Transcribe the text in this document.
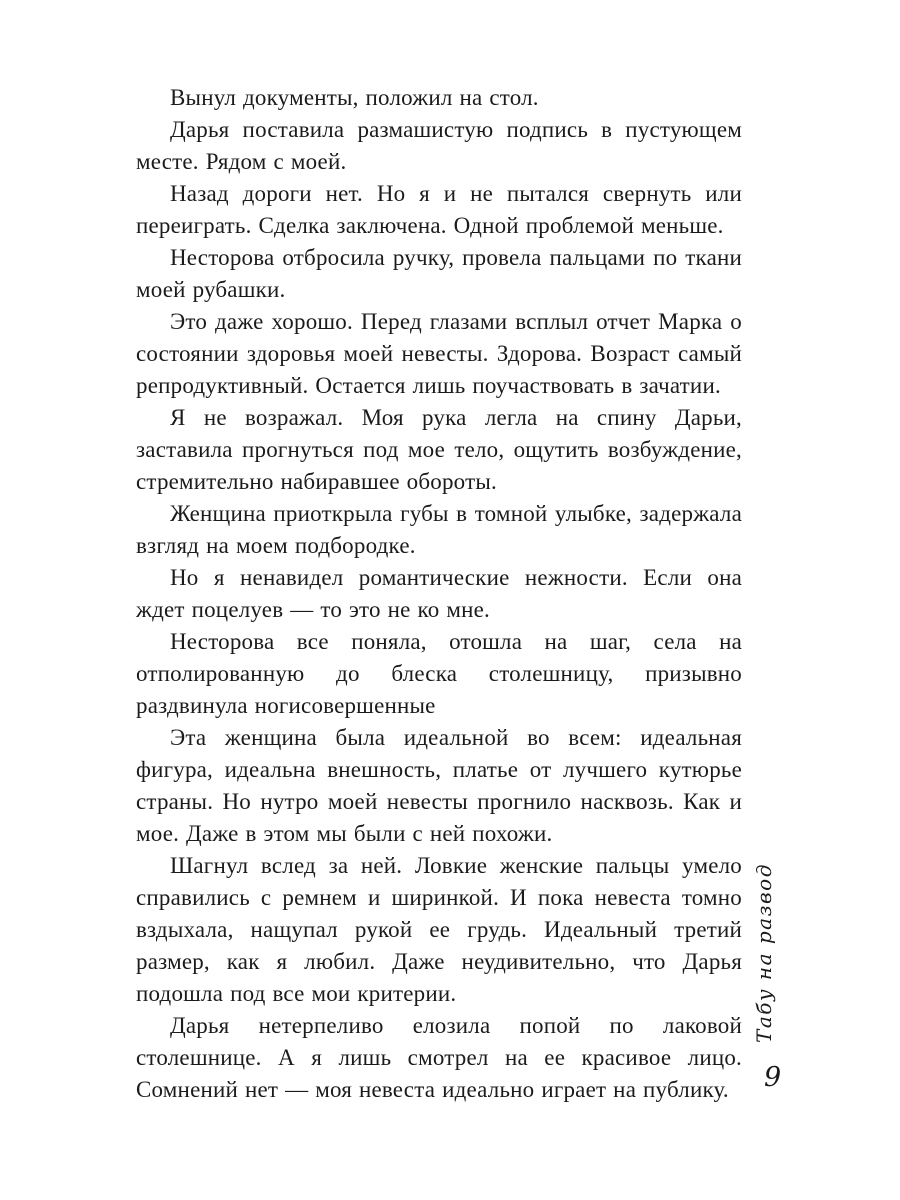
Вынул документы, положил на стол.

Дарья поставила размашистую подпись в пустующем месте. Рядом с моей.

Назад дороги нет. Но я и не пытался свернуть или переиграть. Сделка заключена. Одной проблемой меньше.

Несторова отбросила ручку, провела пальцами по ткани моей рубашки.

Это даже хорошо. Перед глазами всплыл отчет Марка о состоянии здоровья моей невесты. Здорова. Возраст самый репродуктивный. Остается лишь поучаствовать в зачатии.

Я не возражал. Моя рука легла на спину Дарьи, заставила прогнуться под мое тело, ощутить возбуждение, стремительно набиравшее обороты.

Женщина приоткрыла губы в томной улыбке, задержала взгляд на моем подбородке.

Но я ненавидел романтические нежности. Если она ждет поцелуев — то это не ко мне.

Несторова все поняла, отошла на шаг, села на отполированную до блеска столешницу, призывно раздвинула ногисовершенные

Эта женщина была идеальной во всем: идеальная фигура, идеальна внешность, платье от лучшего кутюрье страны. Но нутро моей невесты прогнило насквозь. Как и мое. Даже в этом мы были с ней похожи.

Шагнул вслед за ней. Ловкие женские пальцы умело справились с ремнем и ширинкой. И пока невеста томно вздыхала, нащупал рукой ее грудь. Идеальный третий размер, как я любил. Даже неудивительно, что Дарья подошла под все мои критерии.

Дарья нетерпеливо елозила попой по лаковой столешнице. А я лишь смотрел на ее красивое лицо. Сомнений нет — моя невеста идеально играет на публику.

Табу на развод
9
